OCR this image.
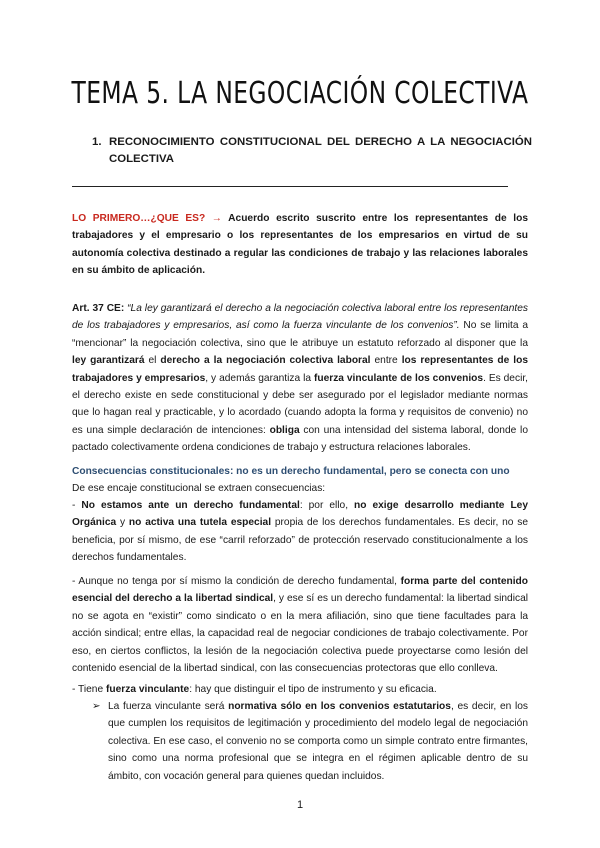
TEMA 5. LA NEGOCIACIÓN COLECTIVA
1. RECONOCIMIENTO CONSTITUCIONAL DEL DERECHO A LA NEGOCIACIÓN COLECTIVA
LO PRIMERO…¿QUE ES? → Acuerdo escrito suscrito entre los representantes de los trabajadores y el empresario o los representantes de los empresarios en virtud de su autonomía colectiva destinado a regular las condiciones de trabajo y las relaciones laborales en su ámbito de aplicación.
Art. 37 CE: “La ley garantizará el derecho a la negociación colectiva laboral entre los representantes de los trabajadores y empresarios, así como la fuerza vinculante de los convenios”. No se limita a “mencionar” la negociación colectiva, sino que le atribuye un estatuto reforzado al disponer que la ley garantizará el derecho a la negociación colectiva laboral entre los representantes de los trabajadores y empresarios, y además garantiza la fuerza vinculante de los convenios. Es decir, el derecho existe en sede constitucional y debe ser asegurado por el legislador mediante normas que lo hagan real y practicable, y lo acordado (cuando adopta la forma y requisitos de convenio) no es una simple declaración de intenciones: obliga con una intensidad del sistema laboral, donde lo pactado colectivamente ordena condiciones de trabajo y estructura relaciones laborales.
Consecuencias constitucionales: no es un derecho fundamental, pero se conecta con uno
De ese encaje constitucional se extraen consecuencias:
- No estamos ante un derecho fundamental: por ello, no exige desarrollo mediante Ley Orgánica y no activa una tutela especial propia de los derechos fundamentales. Es decir, no se beneficia, por sí mismo, de ese “carril reforzado” de protección reservado constitucionalmente a los derechos fundamentales.
- Aunque no tenga por sí mismo la condición de derecho fundamental, forma parte del contenido esencial del derecho a la libertad sindical, y ese sí es un derecho fundamental: la libertad sindical no se agota en “existir” como sindicato o en la mera afiliación, sino que tiene facultades para la acción sindical; entre ellas, la capacidad real de negociar condiciones de trabajo colectivamente. Por eso, en ciertos conflictos, la lesión de la negociación colectiva puede proyectarse como lesión del contenido esencial de la libertad sindical, con las consecuencias protectoras que ello conlleva.
- Tiene fuerza vinculante: hay que distinguir el tipo de instrumento y su eficacia.
➢ La fuerza vinculante será normativa sólo en los convenios estatutarios, es decir, en los que cumplen los requisitos de legitimación y procedimiento del modelo legal de negociación colectiva. En ese caso, el convenio no se comporta como un simple contrato entre firmantes, sino como una norma profesional que se integra en el régimen aplicable dentro de su ámbito, con vocación general para quienes quedan incluidos.
1
